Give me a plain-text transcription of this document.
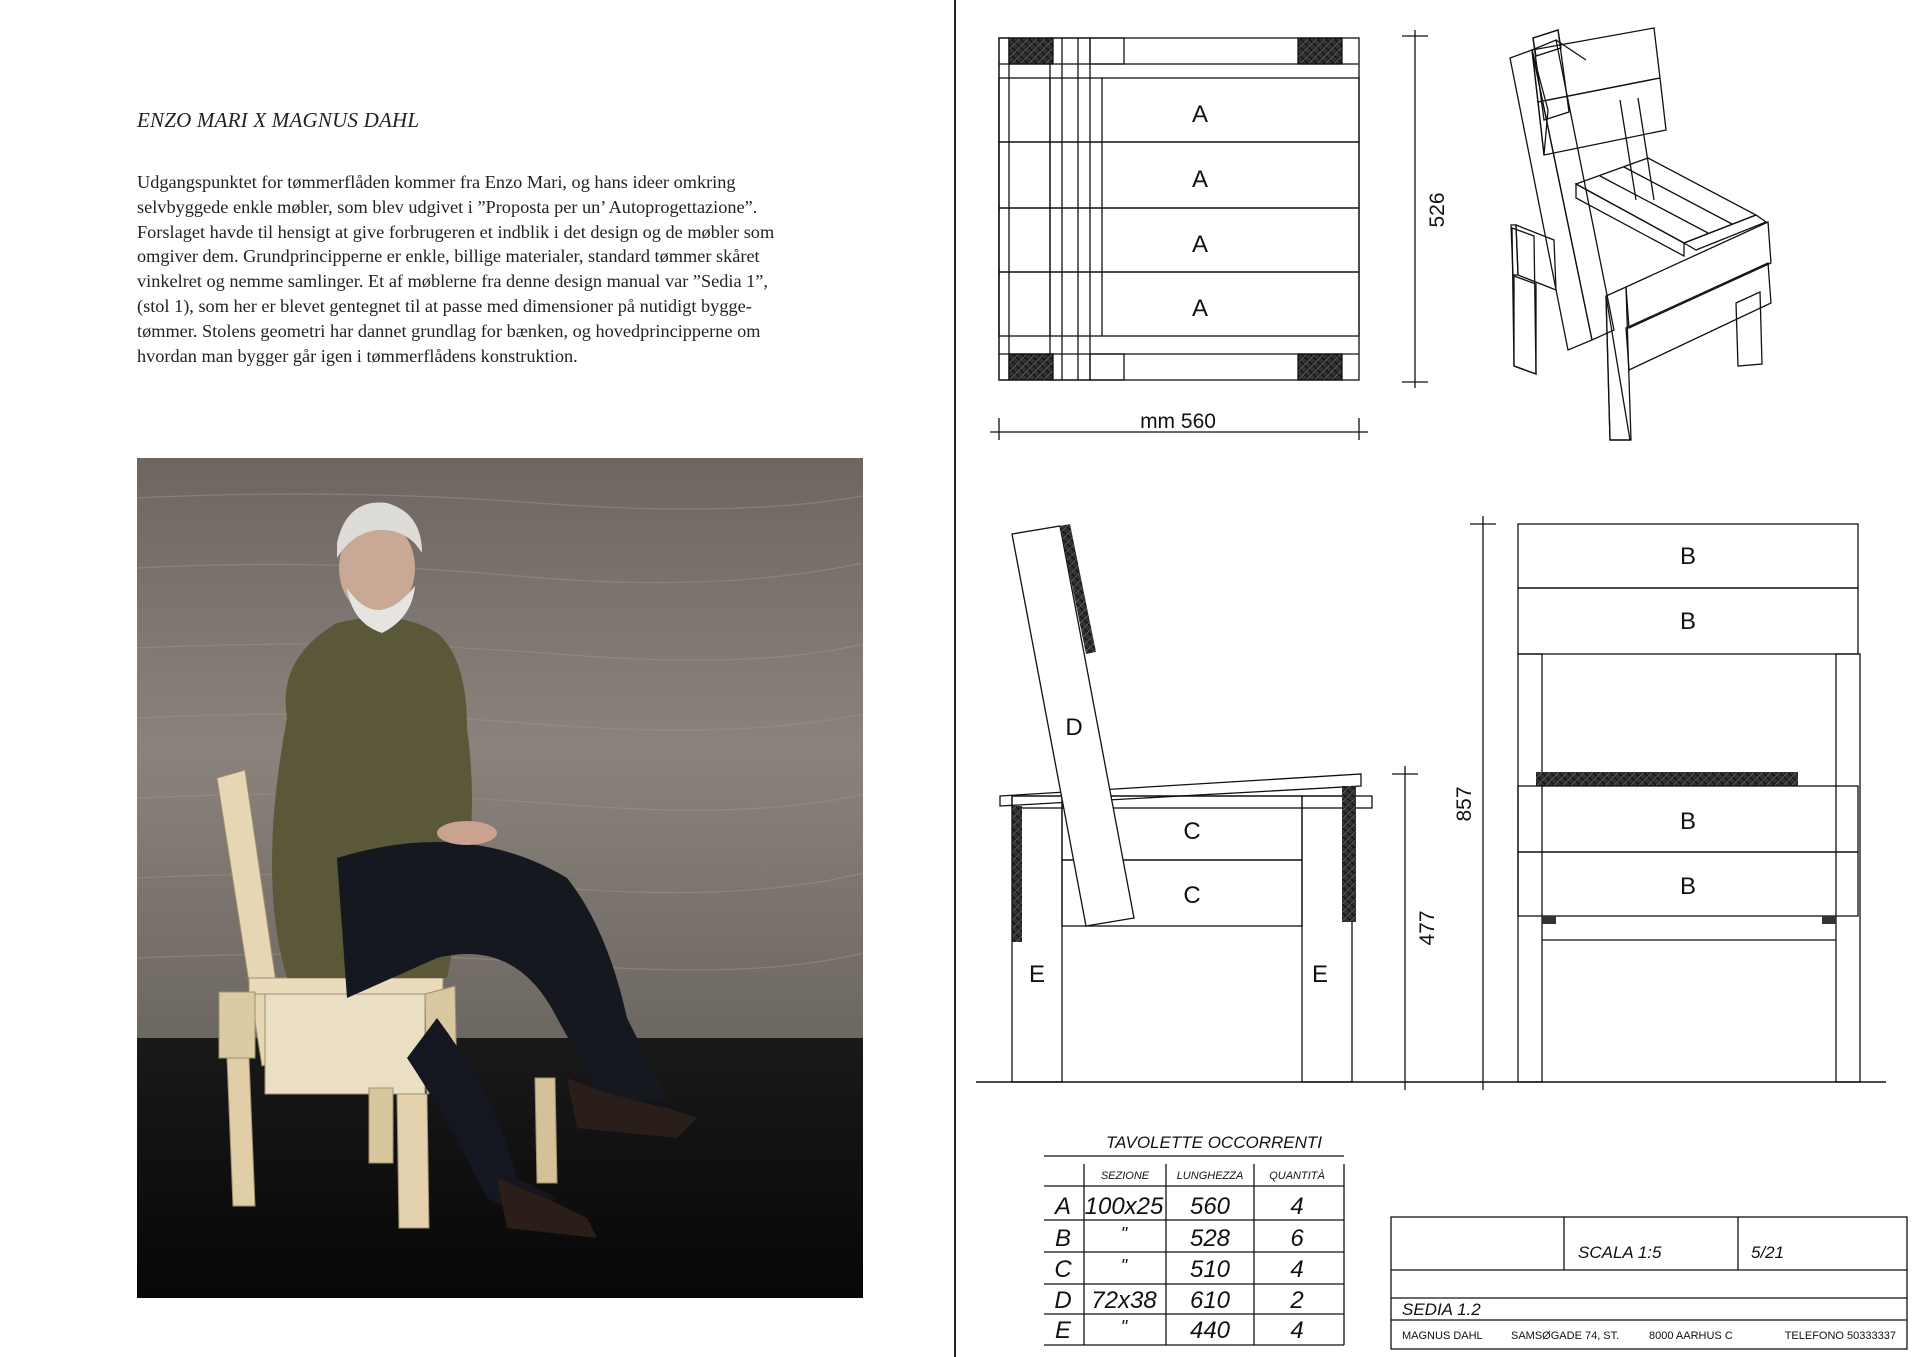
ENZO MARI X MAGNUS DAHL

Udgangspunktet for tømmerflåden kommer fra Enzo Mari, og hans ideer omkring

selvbyggede enkle møbler, som blev udgivet i ”Proposta per un’ Autoprogettazione”.

Forslaget havde til hensigt at give forbrugeren et indblik i det design og de møbler som

omgiver dem. Grundprincipperne er enkle, billige materialer, standard tømmer skåret

vinkelret og nemme samlinger. Et af møblerne fra denne design manual var ”Sedia 1”,

(stol 1), som her er blevet gentegnet til at passe med dimensioner på nutidigt bygge-

tømmer. Stolens geometri har dannet grundlag for bænken, og hovedprincipperne om

hvordan man bygger går igen i tømmerflådens konstruktion.

A
A
A
A
526
mm 560
D
C
C
E	E
477
B
B
B
B
857
TAVOLETTE OCCORRENTI
SEZIONE	LUNGHEZZA QUANTITÀ
A 100x25 560	4
B	"	528	6
C	"	510	4
D 72x38 610	2
E	"	440	4
SCALA 1:5	5/21
SEDIA 1.2
MAGNUS DAHL	SAMSØGADE 74, ST.	8000 AARHUS C	TELEFONO 50333337
